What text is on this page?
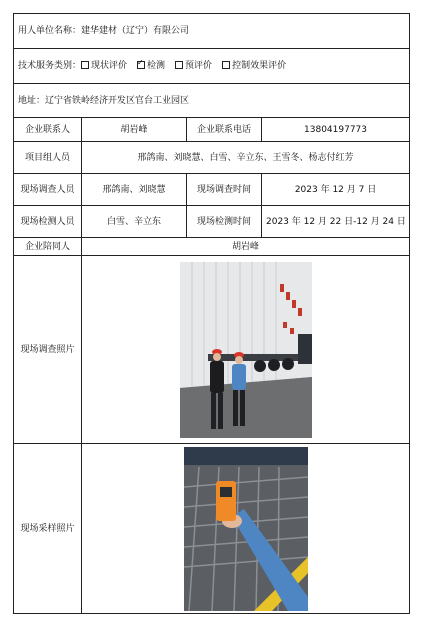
用人单位名称：建华建材（辽宁）有限公司			
技术服务类别： 现状评价 ✓ 检测 预评价 控制效果评价
地址：辽宁省铁岭经济开发区官台工业园区			
企业联系人	胡岩峰	企业联系电话	13804197773
项目组人员	邢鸽南、刘晓慧、白雪、辛立东、王雪冬、杨志付红芳		
现场调查人员	邢鸽南、刘晓慧	现场调查时间	2023 年 12 月 7 日
现场检测人员	白雪、辛立东	现场检测时间	2023 年 12 月 22 日-12 月 24 日
企业陪同人	胡岩峰		
现场调查照片	

现场采样照片	
